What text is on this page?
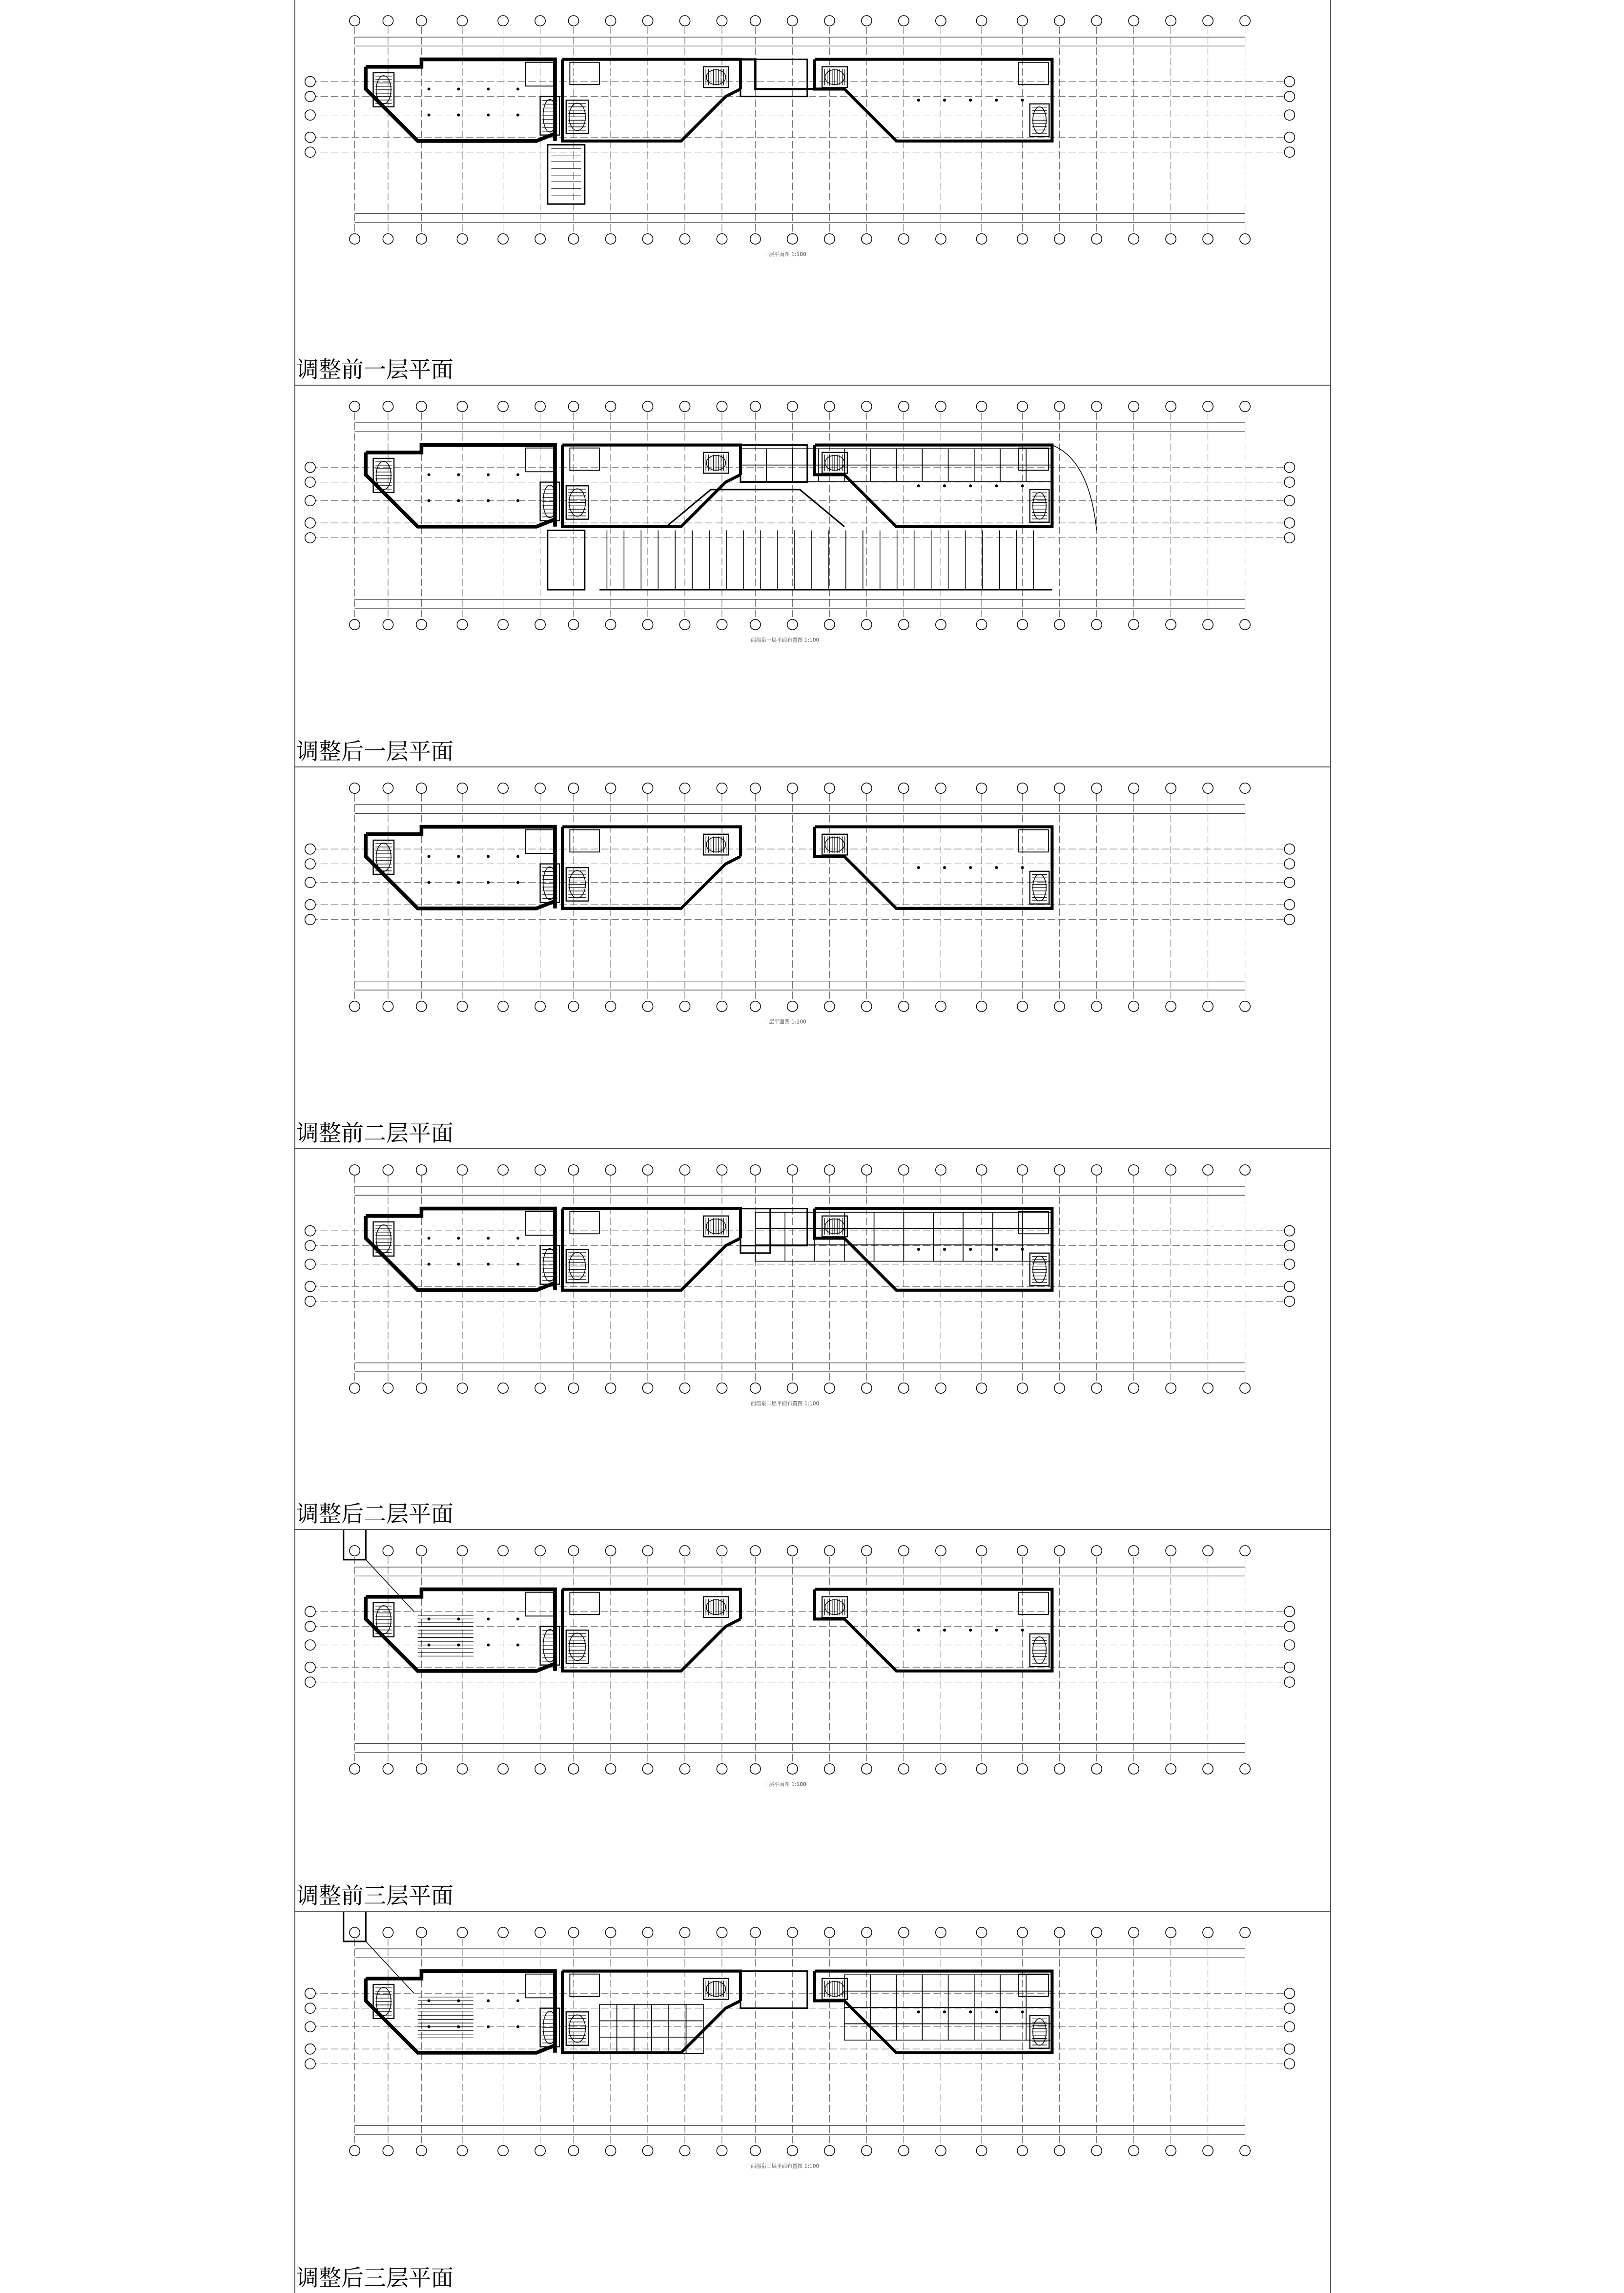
一层平面图 1:100
调整前一层平面
西温泉一层平面布置图 1:100
调整后一层平面
二层平面图 1:100
调整前二层平面
西温泉二层平面布置图 1:100
调整后二层平面
三层平面图 1:100
调整前三层平面
西温泉三层平面布置图 1:100
调整后三层平面
